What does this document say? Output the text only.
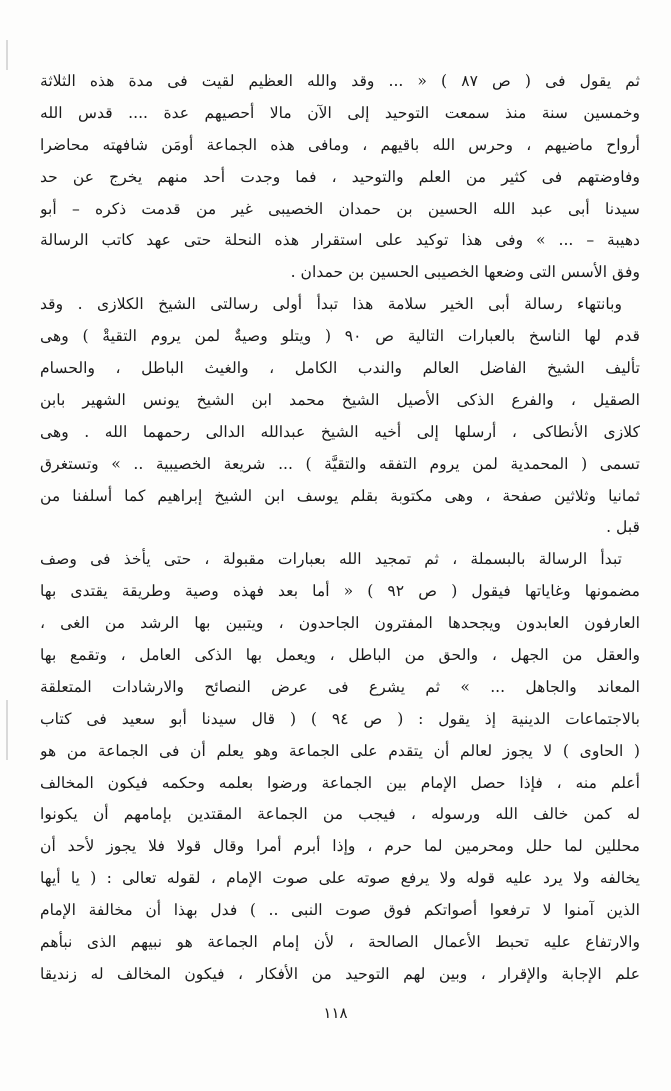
ثم يقول فى ( ص ٨٧ ) « ... وقد والله العظيم لقيت فى مدة هذه الثلاثة
وخمسين سنة منذ سمعت التوحيد إلى الآن مالا أحصيهم عدة .... قدس الله
أرواح ماضيهم ، وحرس الله باقيهم ، ومافى هذه الجماعة أومَن شافهته محاضرا
وفاوضتهم فى كثير من العلم والتوحيد ، فما وجدت أحد منهم يخرج عن حد
سيدنا أبى عبد الله الحسين بن حمدان الخصيبى غير من قدمت ذكره – أبو
دهيبة – ... » وفى هذا توكيد على استقرار هذه النحلة حتى عهد كاتب الرسالة
وفق الأسس التى وضعها الخصيبى الحسين بن حمدان .
وبانتهاء رسالة أبى الخير سلامة هذا تبدأ أولى رسالتى الشيخ الكلازى . وقد
قدم لها الناسخ بالعبارات التالية ص ٩٠ ( ويتلو وصيةٌ لمن يروم التقيةْ ) وهى
تأليف الشيخ الفاضل العالم والندب الكامل ، والغيث الباطل ، والحسام
الصقيل ، والفرع الذكى الأصيل الشيخ محمد ابن الشيخ يونس الشهير بابن
كلازى الأنطاكى ، أرسلها إلى أخيه الشيخ عبدالله الدالى رحمهما الله . وهى
تسمى ( المحمدية لمن يروم التفقه والتقيَّة ) ... شريعة الخصيبية .. » وتستغرق
ثمانيا وثلاثين صفحة ، وهى مكتوبة بقلم يوسف ابن الشيخ إبراهيم كما أسلفنا من
قبل .
تبدأ الرسالة بالبسملة ، ثم تمجيد الله بعبارات مقبولة ، حتى يأخذ فى وصف
مضمونها وغاياتها فيقول ( ص ٩٢ ) « أما بعد فهذه وصية وطريقة يقتدى بها
العارفون العابدون ويجحدها المفترون الجاحدون ، ويتبين بها الرشد من الغى ،
والعقل من الجهل ، والحق من الباطل ، ويعمل بها الذكى العامل ، وتقمع بها
المعاند والجاهل ... » ثم يشرع فى عرض النصائح والارشادات المتعلقة
بالاجتماعات الدينية إذ يقول : ( ص ٩٤ ) ( قال سيدنا أبو سعيد فى كتاب
( الحاوى ) لا يجوز لعالم أن يتقدم على الجماعة وهو يعلم أن فى الجماعة من هو
أعلم منه ، فإذا حصل الإمام بين الجماعة ورضوا بعلمه وحكمه فيكون المخالف
له كمن خالف الله ورسوله ، فيجب من الجماعة المقتدين بإمامهم أن يكونوا
محللين لما حلل ومحرمين لما حرم ، وإذا أبرم أمرا وقال قولا فلا يجوز لأحد أن
يخالفه ولا يرد عليه قوله ولا يرفع صوته على صوت الإمام ، لقوله تعالى : ( يا أيها
الذين آمنوا لا ترفعوا أصواتكم فوق صوت النبى .. ) فدل بهذا أن مخالفة الإمام
والارتفاع عليه تحبط الأعمال الصالحة ، لأن إمام الجماعة هو نبيهم الذى نبأهم
علم الإجابة والإقرار ، وبين لهم التوحيد من الأفكار ، فيكون المخالف له زنديقا
١١٨
